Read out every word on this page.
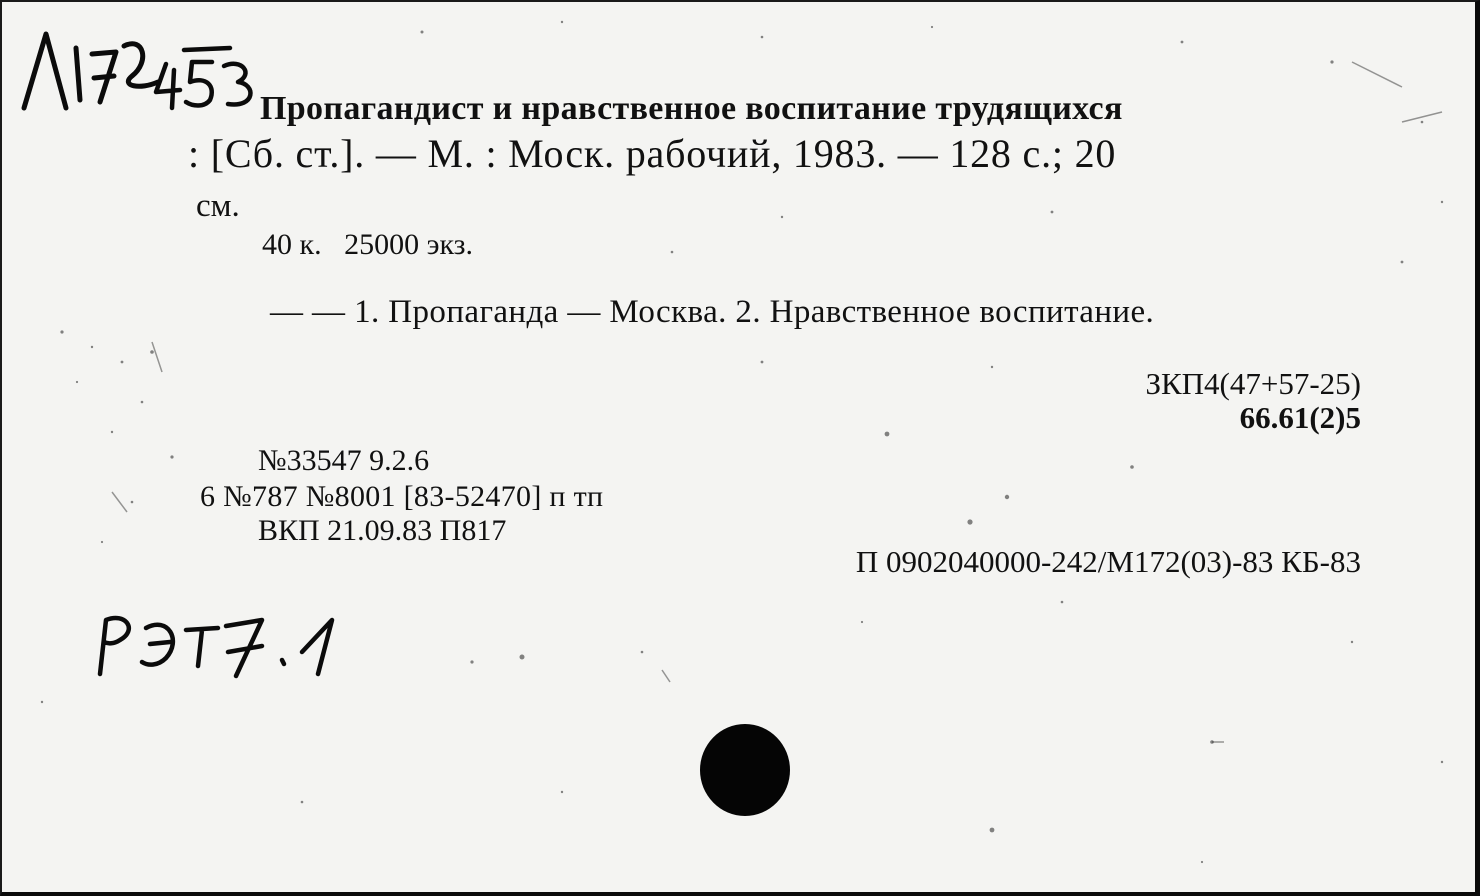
Пропагандист и нравственное воспитание трудящихся
: [Сб. ст.]. — М. : Моск. рабочий, 1983. — 128 с.; 20
см.
40 к.   25000 экз.
— — 1. Пропаганда — Москва. 2. Нравственное воспитание.
ЗКП4(47+57-25)
66.61(2)5
№33547 9.2.6
6 №787 №8001 [83-52470] п тп
ВКП 21.09.83 П817
П 0902040000-242/М172(03)-83 КБ-83
